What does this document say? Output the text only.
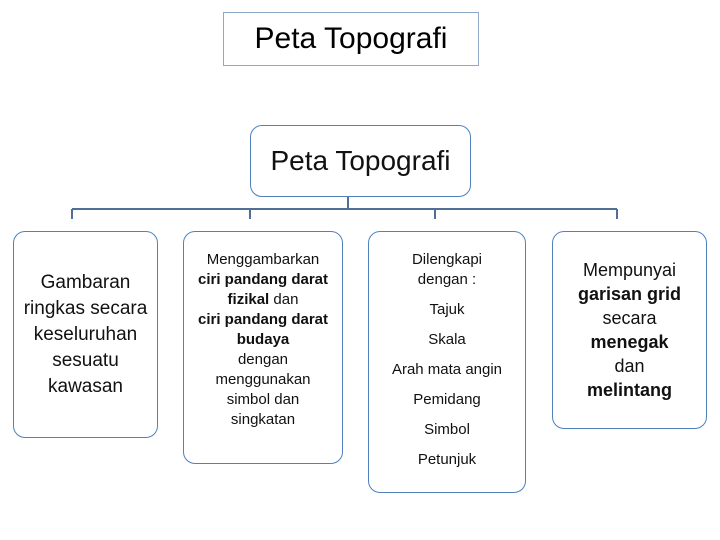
Peta Topografi
Peta Topografi
Gambaran ringkas secara keseluruhan sesuatu kawasan
Menggambarkan
ciri pandang darat fizikal dan
ciri pandang darat budaya
dengan menggunakan simbol dan singkatan
Dilengkapi dengan :
Tajuk
Skala
Arah mata angin
Pemidang
Simbol
Petunjuk
Mempunyai
garisan grid
secara
menegak
dan
melintang
